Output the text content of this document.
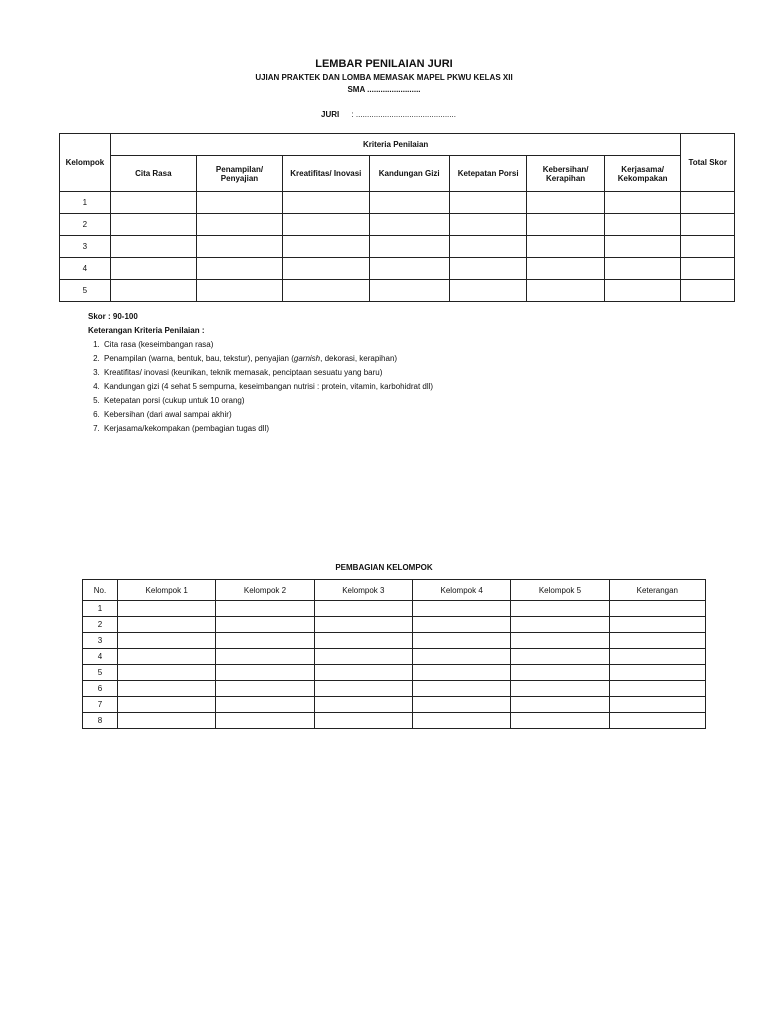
LEMBAR PENILAIAN JURI
UJIAN PRAKTEK DAN LOMBA MEMASAK MAPEL PKWU KELAS XII
SMA ........................
JURI : .............................................
Kelompok	Kriteria Penilaian							Total Skor
	Cita Rasa	Penampilan/ Penyajian	Kreatifitas/ Inovasi	Kandungan Gizi	Ketepatan Porsi	Kebersihan/ Kerapihan	Kerjasama/ Kekompakan	
1								
2								
3								
4								
5								
Skor : 90-100
Keterangan Kriteria Penilaian :
1. Cita rasa (keseimbangan rasa)
2. Penampilan (warna, bentuk, bau, tekstur), penyajian (garnish, dekorasi, kerapihan)
3. Kreatifitas/ inovasi (keunikan, teknik memasak, penciptaan sesuatu yang baru)
4. Kandungan gizi (4 sehat 5 sempurna, keseimbangan nutrisi : protein, vitamin, karbohidrat dll)
5. Ketepatan porsi (cukup untuk 10 orang)
6. Kebersihan (dari awal sampai akhir)
7. Kerjasama/kekompakan (pembagian tugas dll)
PEMBAGIAN KELOMPOK
No.	Kelompok 1	Kelompok 2	Kelompok 3	Kelompok 4	Kelompok 5	Keterangan
1						
2						
3						
4						
5						
6						
7						
8						
